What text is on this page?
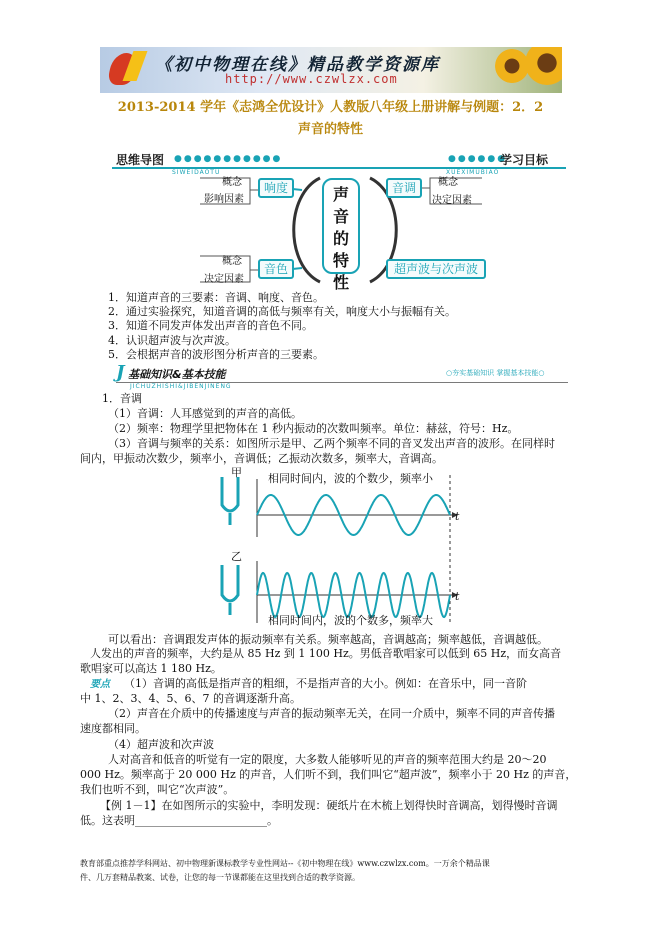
《初中物理在线》精品教学资源库
http://www.czwlzx.com
2013-2014 学年《志鸿全优设计》人教版八年级上册讲解与例题：2．2
声音的特性
思维导图 ●●●●●●●●●●●	●●●●●●
学习目标
SIWEIDAOTU	XUEXIMUBIAO
声
音
的
特
性
响度	音调
音色	超声波与次声波
概念
影响因素
概念
决定因素
概念
决定因素
1．知道声音的三要素：音调、响度、音色。
2．通过实验探究，知道音调的高低与频率有关，响度大小与振幅有关。
3．知道不同发声体发出声音的音色不同。
4．认识超声波与次声波。
5．会根据声音的波形图分析声音的三要素。
J 基础知识&基本技能	○夯实基础知识 掌握基本技能○
JICHUZHISHI&JIBENJINENG
1．音调
（1）音调：人耳感觉到的声音的高低。
（2）频率：物理学里把物体在 1 秒内振动的次数叫频率。单位：赫兹，符号：Hz。
（3）音调与频率的关系：如图所示是甲、乙两个频率不同的音叉发出声音的波形。在同样时
间内，甲振动次数少，频率小，音调低；乙振动次数多，频率大，音调高。
甲
乙
相同时间内，波的个数少，频率小
相同时间内，波的个数多，频率大
t
t
可以看出：音调跟发声体的振动频率有关系。频率越高，音调越高；频率越低，音调越低。
人发出的声音的频率，大约是从 85 Hz 到 1 100 Hz。男低音歌唱家可以低到 65 Hz，而女高音
歌唱家可以高达 1 180 Hz。
要点 （1）音调的高低是指声音的粗细，不是指声音的大小。例如：在音乐中，同一音阶
中 1、2、3、4、5、6、7 的音调逐渐升高。
（2）声音在介质中的传播速度与声音的振动频率无关，在同一介质中，频率不同的声音传播
速度都相同。
（4）超声波和次声波
人对高音和低音的听觉有一定的限度，大多数人能够听见的声音的频率范围大约是 20～20
000 Hz。频率高于 20 000 Hz 的声音，人们听不到，我们叫它“超声波”，频率小于 20 Hz 的声音，
我们也听不到，叫它“次声波”。
【例 1－1】在如图所示的实验中，李明发现：硬纸片在木梳上划得快时音调高，划得慢时音调
低。这表明________________________。
教育部重点推荐学科网站、初中物理新课标教学专业性网站--《初中物理在线》www.czwlzx.com。一万余个精品课
件、几万套精品教案、试卷，让您的每一节课都能在这里找到合适的教学资源。
